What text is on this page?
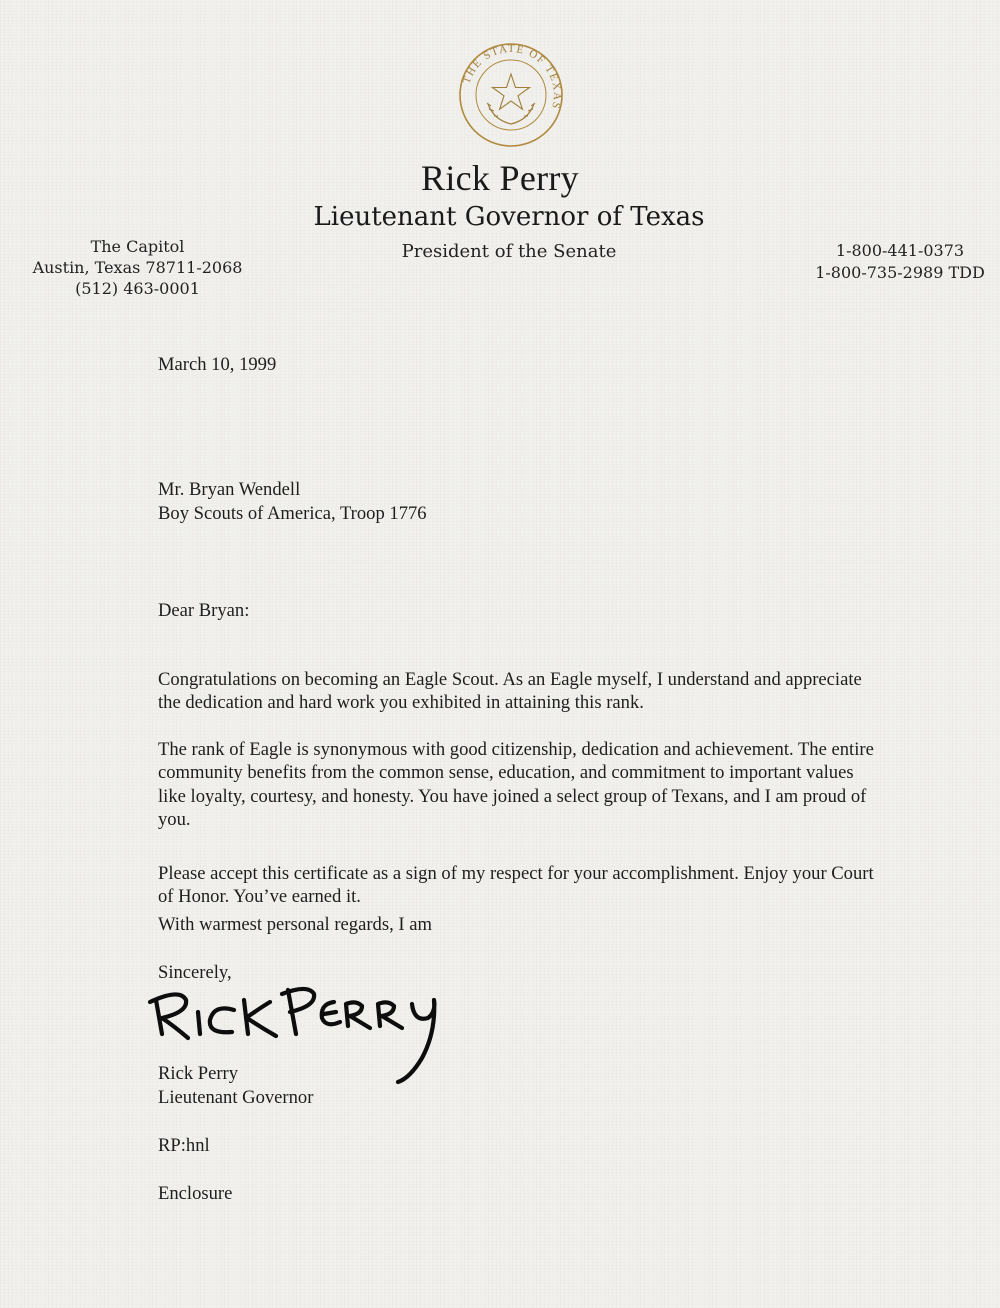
THE STATE OF TEXAS
Rick Perry
Lieutenant Governor of Texas
President of the Senate
The Capitol
Austin, Texas 78711-2068
(512) 463-0001
1-800-441-0373
1-800-735-2989 TDD
March 10, 1999
Mr. Bryan Wendell
Boy Scouts of America, Troop 1776
Dear Bryan:

Congratulations on becoming an Eagle Scout. As an Eagle myself, I understand and appreciate the dedication and hard work you exhibited in attaining this rank.

The rank of Eagle is synonymous with good citizenship, dedication and achievement. The entire community benefits from the common sense, education, and commitment to important values like loyalty, courtesy, and honesty. You have joined a select group of Texans, and I am proud of you.

Please accept this certificate as a sign of my respect for your accomplishment. Enjoy your Court of Honor. You’ve earned it.

With warmest personal regards, I am
Sincerely,
Rick Perry
Lieutenant Governor
RP:hnl
Enclosure
